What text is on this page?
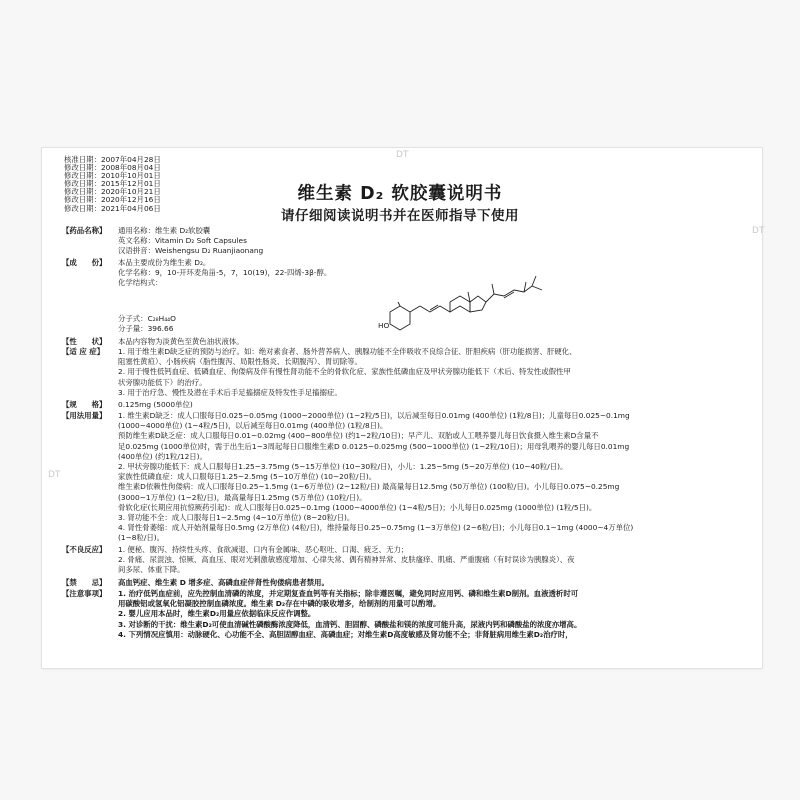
DT
DT
DT
核准日期：2007年04月28日
修改日期：2008年08月04日
修改日期：2010年10月01日
修改日期：2015年12月01日
修改日期：2020年10月21日
修改日期：2020年12月16日
修改日期：2021年04月06日
维生素 D₂ 软胶囊说明书
请仔细阅读说明书并在医师指导下使用
【药品名称】	通用名称：维生素 D₂软胶囊
英文名称：Vitamin D₂ Soft Capsules
汉语拼音：Weishengsu D₂ Ruanjiaonang
【成　　份】	本品主要成份为维生素 D₂。
化学名称：9，10-开环麦角甾-5，7，10(19)，22-四烯-3β-醇。
化学结构式：
分子式：C₂₈H₄₄O
分子量：396.66	HO
【性　　状】	本品内容物为淡黄色至黄色油状液体。
【适 应 症】	1. 用于维生素D缺乏症的预防与治疗。如：绝对素食者、肠外营养病人、胰腺功能不全伴吸收不良综合征、肝胆疾病（肝功能损害、肝硬化、
阻塞性黄疸）、小肠疾病（脂性腹泻、局限性肠炎、长期腹泻）、胃切除等。
2. 用于慢性低钙血症、低磷血症、佝偻病及伴有慢性肾功能不全的骨软化症、家族性低磷血症及甲状旁腺功能低下（术后、特发性或假性甲
状旁腺功能低下）的治疗。
3. 用于治疗急、慢性及潜在手术后手足搐搦症及特发性手足搐搦症。
【规　　格】	0.125mg (5000单位)
【用法用量】	1. 维生素D缺乏：成人口服每日0.025~0.05mg (1000~2000单位) (1~2粒/5日)，以后减至每日0.01mg (400单位) (1粒/8日)；儿童每日0.025~0.1mg
(1000~4000单位) (1~4粒/5日)，以后减至每日0.01mg (400单位) (1粒/8日)。
预防维生素D缺乏症：成人口服每日0.01~0.02mg (400~800单位) (约1~2粒/10日)；早产儿、双胎或人工喂养婴儿每日饮食摄入维生素D含量不
足0.025mg (1000单位)时，需于出生后1~3周起每日口服维生素D 0.0125~0.025mg (500~1000单位) (1~2粒/10日)；用母乳喂养的婴儿每日0.01mg
(400单位) (约1粒/12日)。
2. 甲状旁腺功能低下：成人口服每日1.25~3.75mg (5~15万单位) (10~30粒/日)，小儿：1.25~5mg (5~20万单位) (10~40粒/日)。
家族性低磷血症：成人口服每日1.25~2.5mg (5~10万单位) (10~20粒/日)。
维生素D依赖性佝偻病：成人口服每日0.25~1.5mg (1~6万单位) (2~12粒/日) 最高量每日12.5mg (50万单位) (100粒/日)。小儿每日0.075~0.25mg
(3000~1万单位) (1~2粒/日)，最高量每日1.25mg (5万单位) (10粒/日)。
骨软化症(长期应用抗惊厥药引起)：成人口服每日0.025~0.1mg (1000~4000单位) (1~4粒/5日)；小儿每日0.025mg (1000单位) (1粒/5日)。
3. 肾功能不全：成人口服每日1~2.5mg (4~10万单位) (8~20粒/日)。
4. 肾性骨萎缩：成人开始剂量每日0.5mg (2万单位) (4粒/日)，维持量每日0.25~0.75mg (1~3万单位) (2~6粒/日)；小儿每日0.1~1mg (4000~4万单位)
(1~8粒/日)。
【不良反应】	1. 便秘、腹泻、持续性头疼、食欲减退、口内有金属味、恶心呕吐、口渴、疲乏、无力；
2. 骨痛、尿混浊、惊厥、高血压、眼对光刺激敏感度增加、心律失常、偶有精神异常、皮肤瘙痒、肌痛、严重腹痛（有时误诊为胰腺炎）、夜
间多尿、体重下降。
【禁　　忌】	高血钙症、维生素 D 增多症、高磷血症伴肾性佝偻病患者禁用。
【注意事项】	1. 治疗低钙血症前，应先控制血清磷的浓度，并定期复查血钙等有关指标；除非遵医嘱，避免同时应用钙、磷和维生素D制剂。血液透析时可
用碳酸铝或氢氧化铝凝胶控制血磷浓度。维生素 D₂存在中磷的吸收增多，给制剂的用量可以酌增。
2. 婴儿应用本品时，维生素D₂用量应依据临床反应作调整。
3. 对诊断的干扰：维生素D₂可使血清碱性磷酸酶浓度降低，血清钙、胆固醇、磷酸盐和镁的浓度可能升高，尿液内钙和磷酸盐的浓度亦增高。
4. 下列情况应慎用：动脉硬化、心功能不全、高胆固醇血症、高磷血症；对维生素D高度敏感及肾功能不全；非肾脏病用维生素D₂治疗时，
